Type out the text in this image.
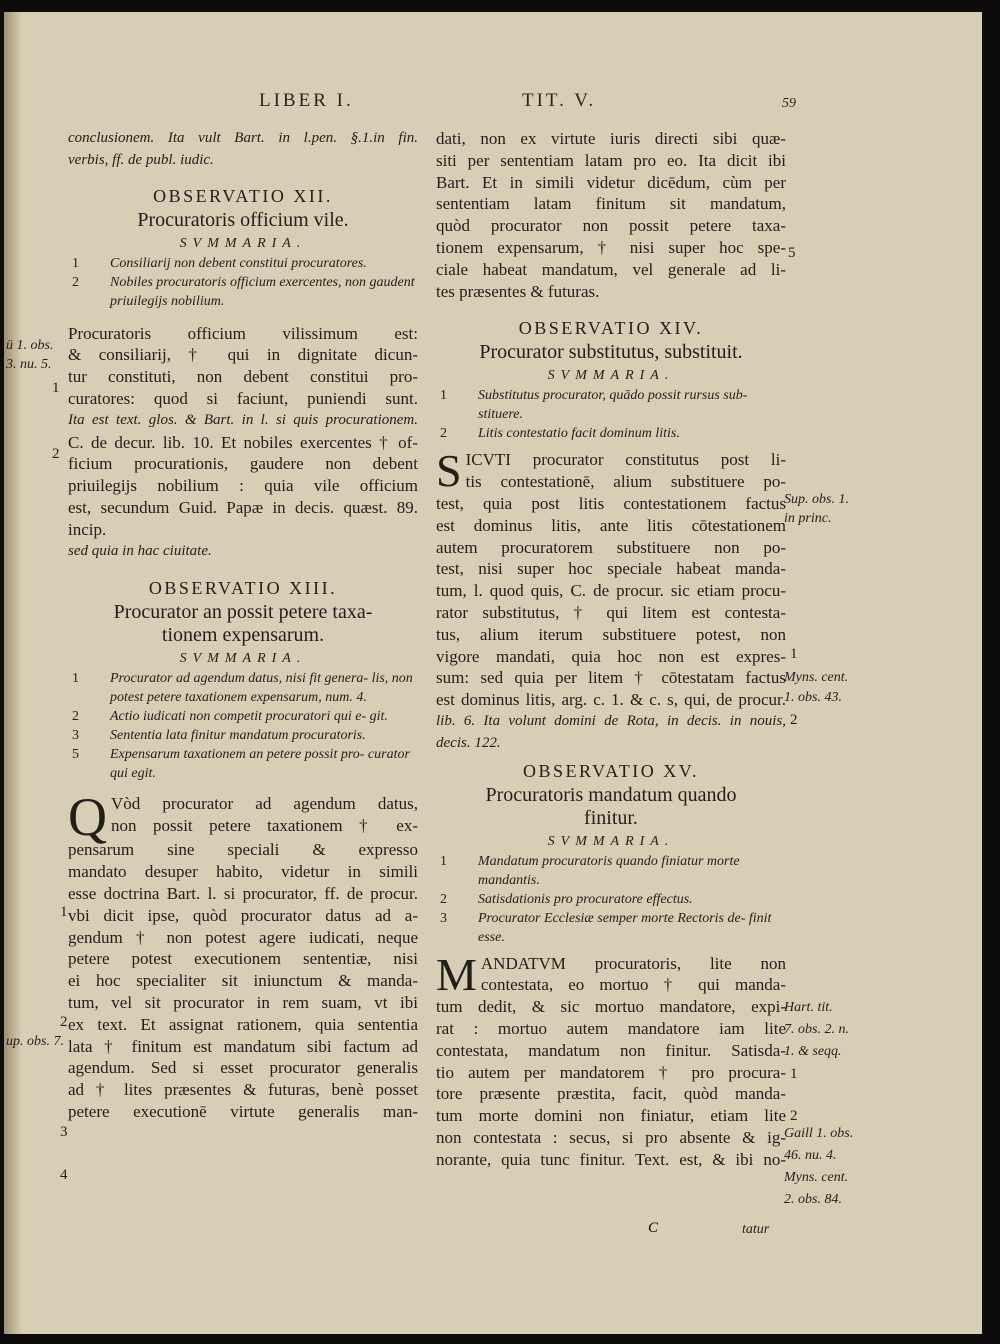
LIBER I.	TIT. V.	59

conclusionem. Ita vult Bart. in l.pen. §.1.in fin.

verbis, ff. de publ. iudic.

OBSERVATIO XII.
Procuratoris officium vile.
SVMMARIA.
1	Consiliarij non debent constitui procuratores.
2	Nobiles procuratoris officium exercentes, non gaudent priuilegijs nobilium.

Procuratoris officium vilissimum est:

& consiliarij, † qui in dignitate dicun-

tur constituti, non debent constitui pro-

curatores: quod si faciunt, puniendi sunt.

Ita est text. glos. & Bart. in l. si quis procurationem.

C. de decur. lib. 10. Et nobiles exercentes † of-

ficium procurationis, gaudere non debent

priuilegijs nobilium : quia vile officium

est, secundum Guid. Papæ in decis. quæst. 89. incip.

sed quia in hac ciuitate.

OBSERVATIO XIII.
Procurator an possit petere taxa-
tionem expensarum.
SVMMARIA.
1	Procurator ad agendum datus, nisi fit genera- lis, non potest petere taxationem expensarum, num. 4.
2	Actio iudicati non competit procuratori qui e- git.
3	Sententia lata finitur mandatum procuratoris.
5	Expensarum taxationem an petere possit pro- curator qui egit.
Q Vòd procurator ad agendum datus,

non possit petere taxationem † ex-

pensarum sine speciali & expresso

mandato desuper habito, videtur in simili

esse doctrina Bart. l. si procurator, ff. de procur.

vbi dicit ipse, quòd procurator datus ad a-

gendum † non potest agere iudicati, neque

petere potest executionem sententiæ, nisi

ei hoc specialiter sit iniunctum & manda-

tum, vel sit procurator in rem suam, vt ibi

ex text. Et assignat rationem, quia sententia

lata † finitum est mandatum sibi factum ad

agendum. Sed si esset procurator generalis

ad † lites præsentes & futuras, benè posset

petere executionē virtute generalis man-

ü 1. obs.
3. nu. 5.
1
2
1
2
up. obs. 7.
3
4

dati, non ex virtute iuris directi sibi quæ-

siti per sententiam latam pro eo. Ita dicit ibi

Bart. Et in simili videtur dicēdum, cùm per

sententiam latam finitum sit mandatum,

quòd procurator non possit petere taxa-

tionem expensarum, † nisi super hoc spe-

ciale habeat mandatum, vel generale ad li-

tes præsentes & futuras.

OBSERVATIO XIV.
Procurator substitutus, substituit.
SVMMARIA.
1	Substitutus procurator, quādo possit rursus sub- stituere.
2	Litis contestatio facit dominum litis.
S ICVTI procurator constitutus post li-

tis contestationē, alium substituere po-

test, quia post litis contestationem factus

est dominus litis, ante litis cōtestationem

autem procuratorem substituere non po-

test, nisi super hoc speciale habeat manda-

tum, l. quod quis, C. de procur. sic etiam procu-

rator substitutus, † qui litem est contesta-

tus, alium iterum substituere potest, non

vigore mandati, quia hoc non est expres-

sum: sed quia per litem † cōtestatam factus

est dominus litis, arg. c. 1. & c. s, qui, de procur.

lib. 6. Ita volunt domini de Rota, in decis. in nouis,

decis. 122.

OBSERVATIO XV.
Procuratoris mandatum quando
finitur.
SVMMARIA.
1	Mandatum procuratoris quando finiatur morte mandantis.
2	Satisdationis pro procuratore effectus.
3	Procurator Ecclesiæ semper morte Rectoris de- finit esse.
M ANDATVM procuratoris, lite non

contestata, eo mortuo † qui manda-

tum dedit, & sic mortuo mandatore, expi-

rat : mortuo autem mandatore iam lite

contestata, mandatum non finitur. Satisda-

tio autem per mandatorem † pro procura-

tore præsente præstita, facit, quòd manda-

tum morte domini non finiatur, etiam lite

non contestata : secus, si pro absente & ig-

norante, quia tunc finitur. Text. est, & ibi no-

5
Sup. obs. 1.
in princ.
1
Myns. cent.
1. obs. 43.
2
Hart. tit.
7. obs. 2. n.
1. & seqq.
1
2
Gaill 1. obs.
46. nu. 4.
Myns. cent.
2. obs. 84.
C	tatur
